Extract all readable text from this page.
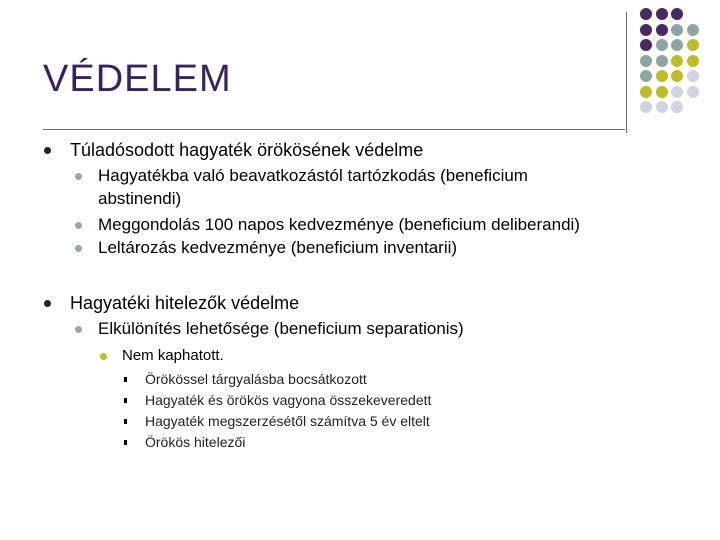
VÉDELEM
Túladósodott hagyaték örökösének védelme
Hagyatékba való beavatkozástól tartózkodás (beneficium
abstinendi)
Meggondolás 100 napos kedvezménye (beneficium deliberandi)
Leltározás kedvezménye (beneficium inventarii)
Hagyatéki hitelezők védelme
Elkülönítés lehetősége (beneficium separationis)
Nem kaphatott.
Örökössel tárgyalásba bocsátkozott
Hagyaték és örökös vagyona összekeveredett
Hagyaték megszerzésétől számítva 5 év eltelt
Örökös hitelezői
